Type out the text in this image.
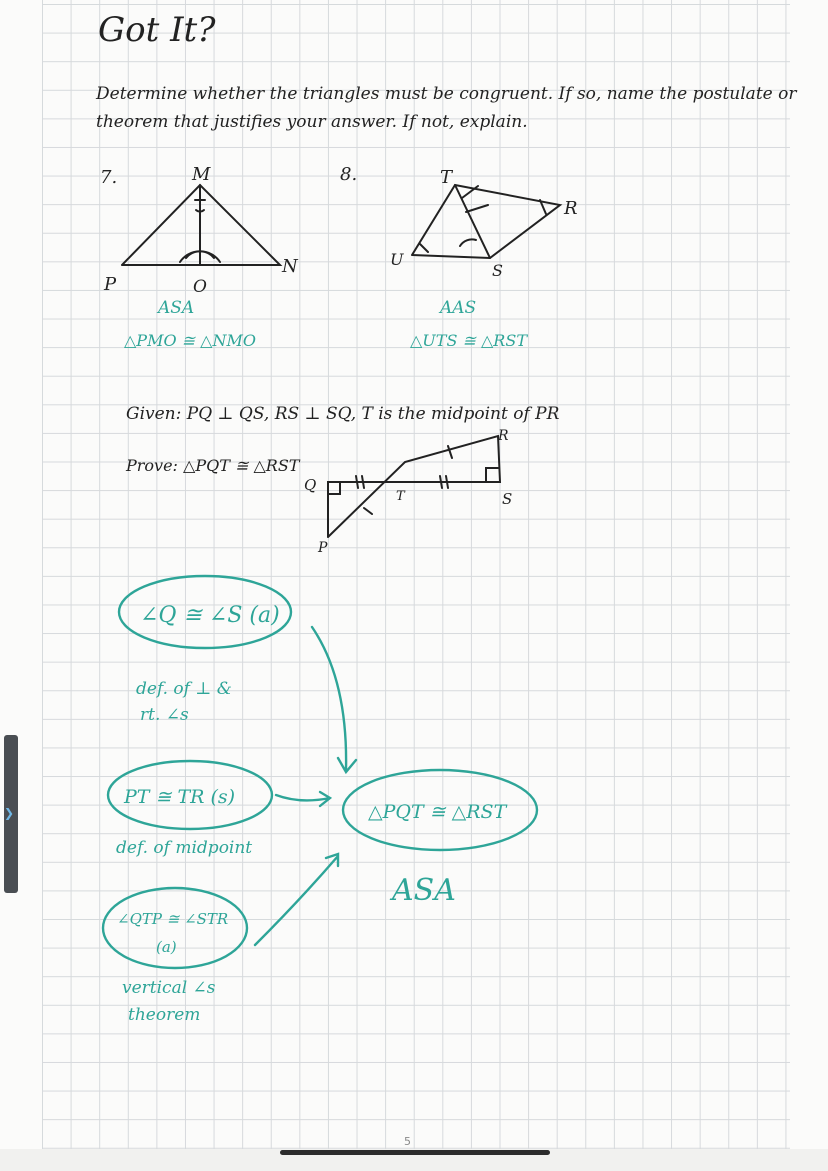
❯
Got It?
Determine whether the triangles must be congruent. If so, name the postulate or
theorem that justifies your answer. If not, explain.
7.	M
P	O
N
ASA
△PMO ≅ △NMO
8.	T
U
S
R
AAS
△UTS ≅ △RST
Q
R
T	S
P
∠Q ≅ ∠S (a)
def. of ⊥ &
rt. ∠s
PT ≅ TR (s)
def. of midpoint
∠QTP ≅ ∠STR
(a)
vertical ∠s
theorem
△PQT ≅ △RST
ASA
Given: PQ ⊥ QS, RS ⊥ SQ, T is the midpoint of PR
Prove: △PQT ≅ △RST
5
